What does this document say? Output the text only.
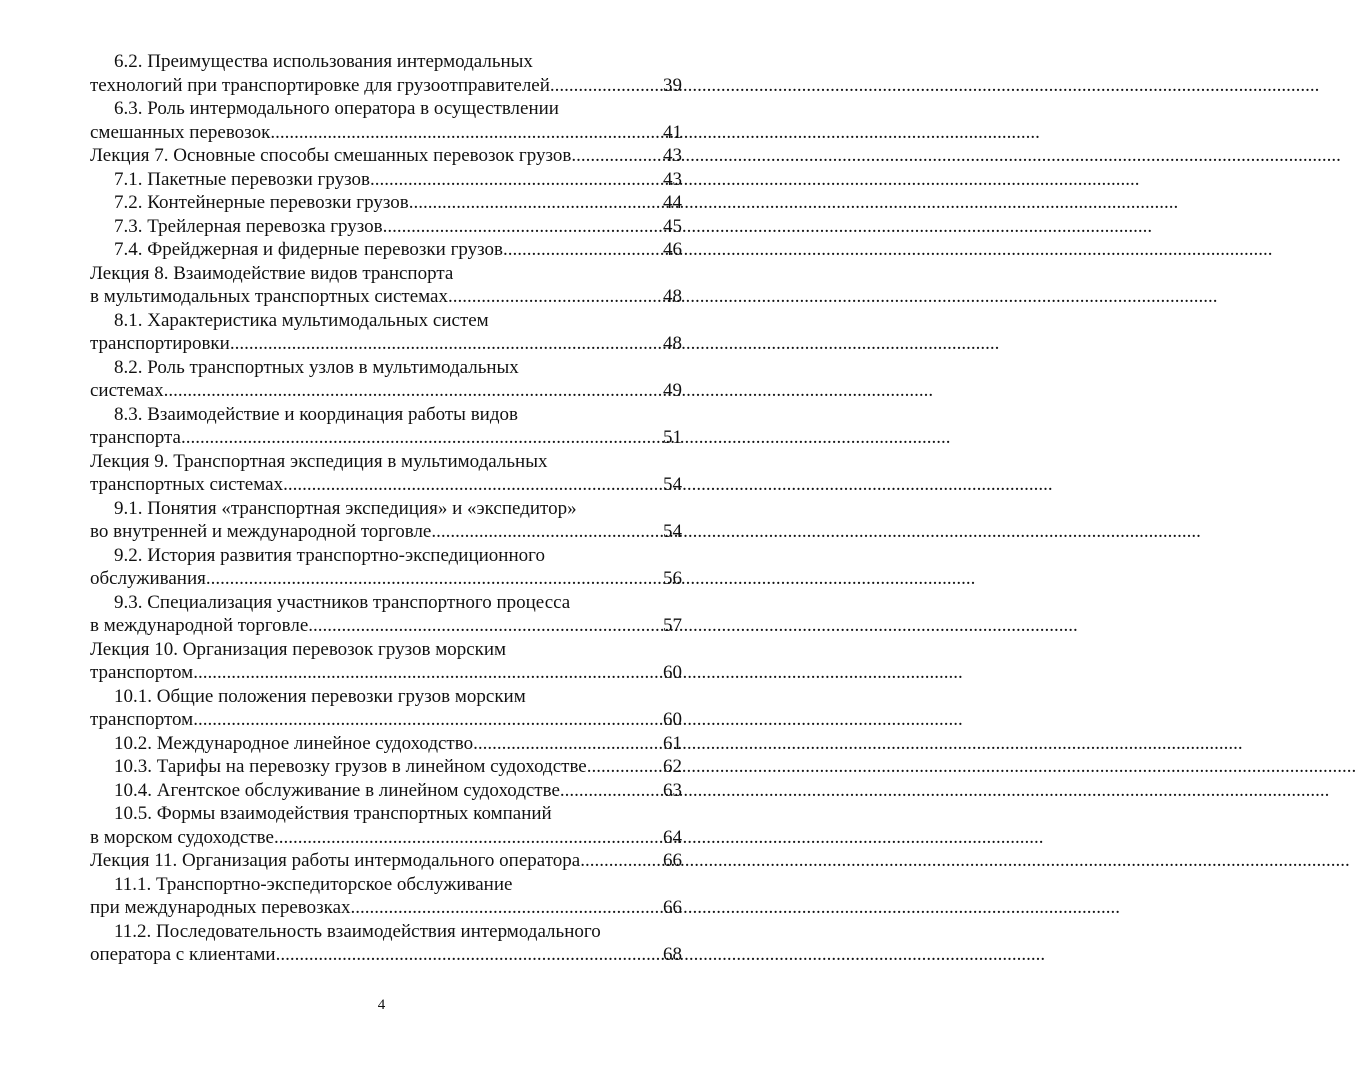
6.2. Преимущества использования интермодальных
технологий при транспортировке для грузоотправителей .....	39
6.3. Роль интермодального оператора в осуществлении
смешанных перевозок .....	41
Лекция 7. Основные способы смешанных перевозок грузов .....	43
7.1. Пакетные перевозки грузов .....	43
7.2. Контейнерные перевозки грузов .....	44
7.3. Трейлерная перевозка грузов .....	45
7.4. Фрейджерная и фидерные перевозки грузов .....	46
Лекция 8. Взаимодействие видов транспорта
в мультимодальных транспортных системах .....	48
8.1. Характеристика мультимодальных систем
транспортировки .....	48
8.2. Роль транспортных узлов в мультимодальных
системах .....	49
8.3. Взаимодействие и координация работы видов
транспорта .....	51
Лекция 9. Транспортная экспедиция в мультимодальных
транспортных системах .....	54
9.1. Понятия «транспортная экспедиция» и «экспедитор»
во внутренней и международной торговле .....	54
9.2. История развития транспортно-экспедиционного
обслуживания .....	56
9.3. Специализация участников транспортного процесса
в международной торговле .....	57
Лекция 10. Организация перевозок грузов морским
транспортом .....	60
10.1. Общие положения перевозки грузов морским
транспортом .....	60
10.2. Международное линейное судоходство .....	61
10.3. Тарифы на перевозку грузов в линейном судоходстве .....	62
10.4. Агентское обслуживание в линейном судоходстве .....	63
10.5. Формы взаимодействия транспортных компаний
в морском судоходстве .....	64
Лекция 11. Организация работы интермодального оператора .....	66
11.1. Транспортно-экспедиторское обслуживание
при международных перевозках .....	66
11.2. Последовательность взаимодействия интермодального
оператора с клиентами .....	68
4
